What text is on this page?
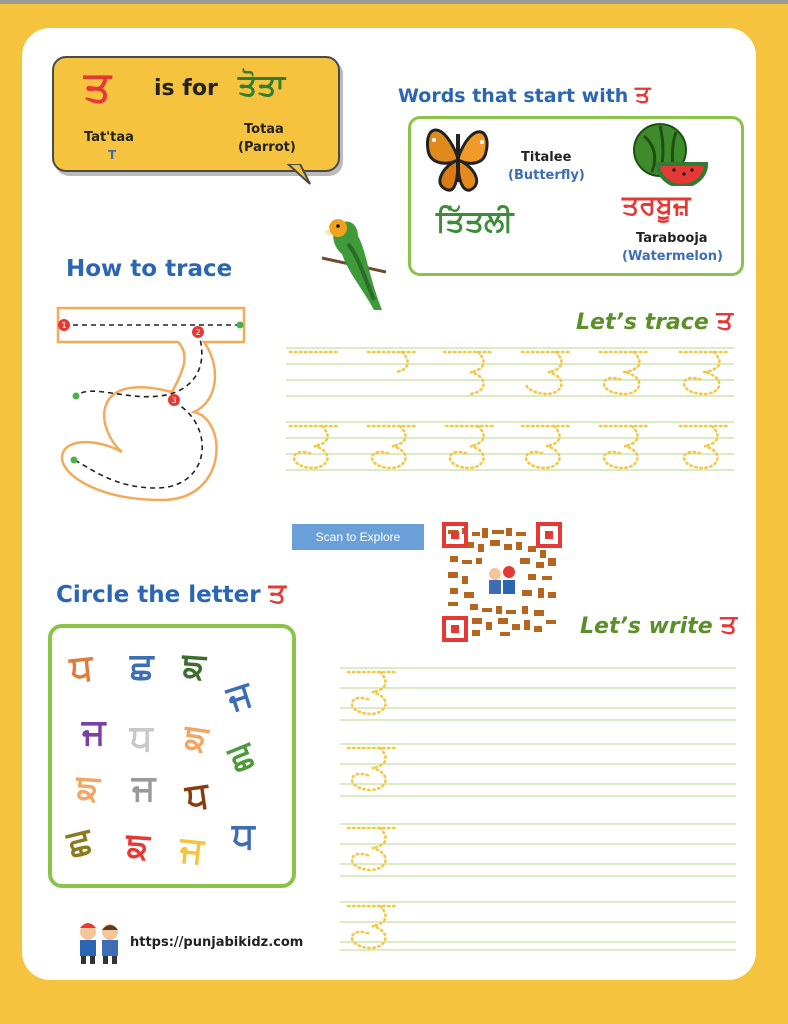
ਤ is for ਤੋਤਾ
Tat'taa
T
Totaa
(Parrot)
Words that start with ਤ
Titalee
(Butterfly)
ਤਿੱਤਲੀ	ਤਰਬੂਜ਼
Tarabooja
(Watermelon)
How to trace
1
2
3
Let’s trace ਤ
Scan to Explore
Circle the letter ਤ
ਧ ਛ ਙ
ਜ
ਜ ਧ ਙ ਛ
ਙ ਜ ਧ
ਛ ਙ ਜ ਧ
Let’s write ਤ
https://punjabikidz.com
